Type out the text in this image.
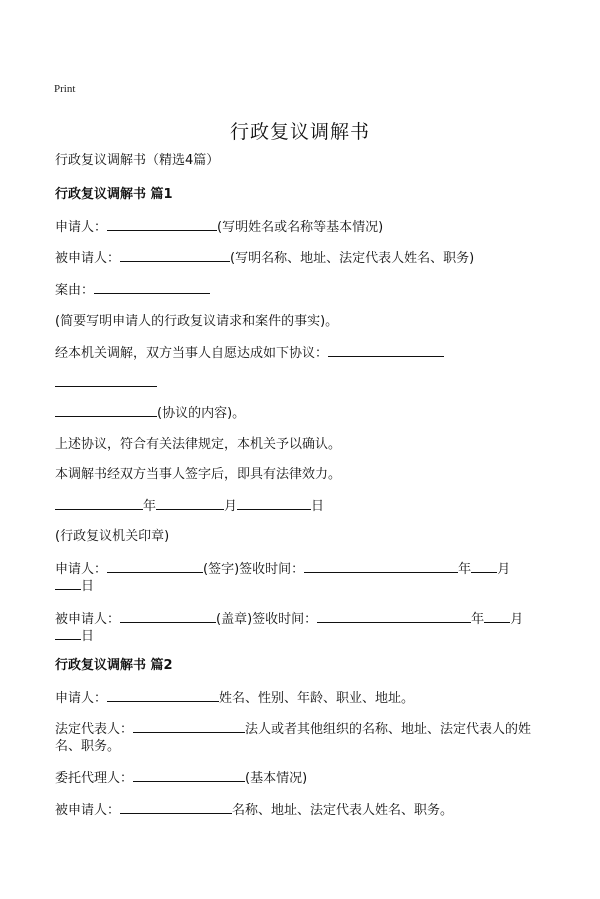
Print
行政复议调解书
行政复议调解书（精选4篇）
行政复议调解书 篇1
申请人：	(写明姓名或名称等基本情况)
被申请人：	(写明名称、地址、法定代表人姓名、职务)
案由：
(简要写明申请人的行政复议请求和案件的事实)。
经本机关调解，双方当事人自愿达成如下协议：
(协议的内容)。
上述协议，符合有关法律规定，本机关予以确认。
本调解书经双方当事人签字后，即具有法律效力。
年	月	日
(行政复议机关印章)
申请人：	(签字)签收时间：	年 月
日
被申请人：	(盖章)签收时间：	年 月
日
行政复议调解书 篇2
申请人：	姓名、性别、年龄、职业、地址。
法定代表人：	法人或者其他组织的名称、地址、法定代表人的姓名、职务。
委托代理人：	(基本情况)
被申请人：	名称、地址、法定代表人姓名、职务。
